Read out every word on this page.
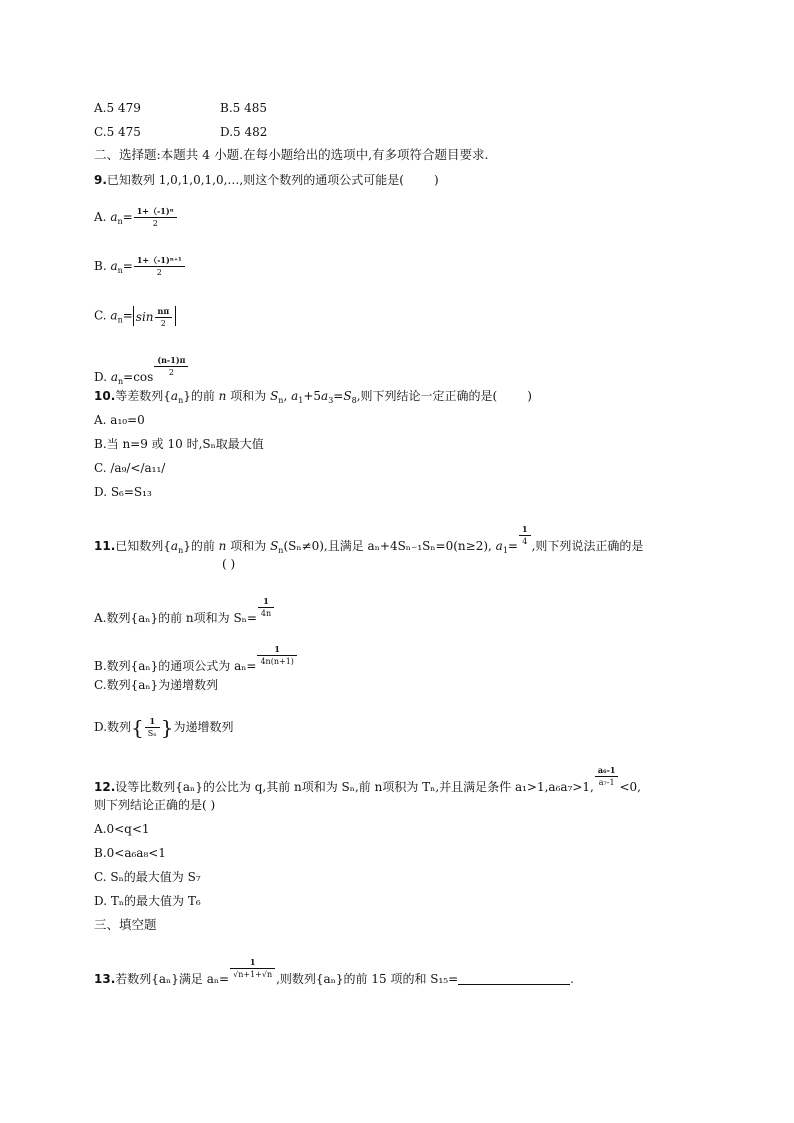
A.5 479	B.5 485
C.5 475	D.5 482
二、选择题:本题共 4 小题.在每小题给出的选项中,有多项符合题目要求.
9.已知数列 1,0,1,0,1,0,…,则这个数列的通项公式可能是(	)
A. $a_n= \frac{\text{1+（-1)ⁿ}}{2}$
B. $a_n= \frac{\text{1+（-1)ⁿ⁺¹}}{2}$
C. $a_n= \sin \frac{n\pi}{2}$
D. $a_n=\cos \frac{(n-1)\pi}{2}$
10.等差数列$\{a_n\}$的前 n 项和为 $S_n$, $a_1+5a_3=S_8$,则下列结论一定正确的是(	)
A. a₁₀=0
B.当 n=9 或 10 时,Sₙ取最大值
C. /a₉/</a₁₁/
D. S₆=S₁₃
11.已知数列$\{a_n\}$的前 n 项和为 $S_n(S_n\ne 0)$,且满足 aₙ+4Sₙ₋₁Sₙ=0(n≥2), $a_1= \frac{1}{4}$ ,则下列说法正确的是
( )
A.数列{aₙ}的前 n项和为 $S_n= \frac{1}{4n}$
B.数列{aₙ}的通项公式为 $a_n= \frac{1}{4n(n+1)}$
C.数列{aₙ}为递增数列
D.数列{ $\frac{1}{\text{Sₙ}}$ }为递增数列
12.设等比数列{aₙ}的公比为 q,其前 n项和为 Sₙ,前 n项积为 Tₙ,并且满足条件 a₁>1,a₆a₇>1, $\frac{\text{a₆-1}}{\text{a₇-1}} <0$,
则下列结论正确的是( )
A.0<q<1
B.0<a₆a₈<1
C. Sₙ的最大值为 S₇
D. Tₙ的最大值为 T₆
三、填空题
13.若数列{aₙ}满足 $a_n= \frac{1}{√n+1+√n}$ ,则数列{aₙ}的前 15 项的和 S₁₅=	.
